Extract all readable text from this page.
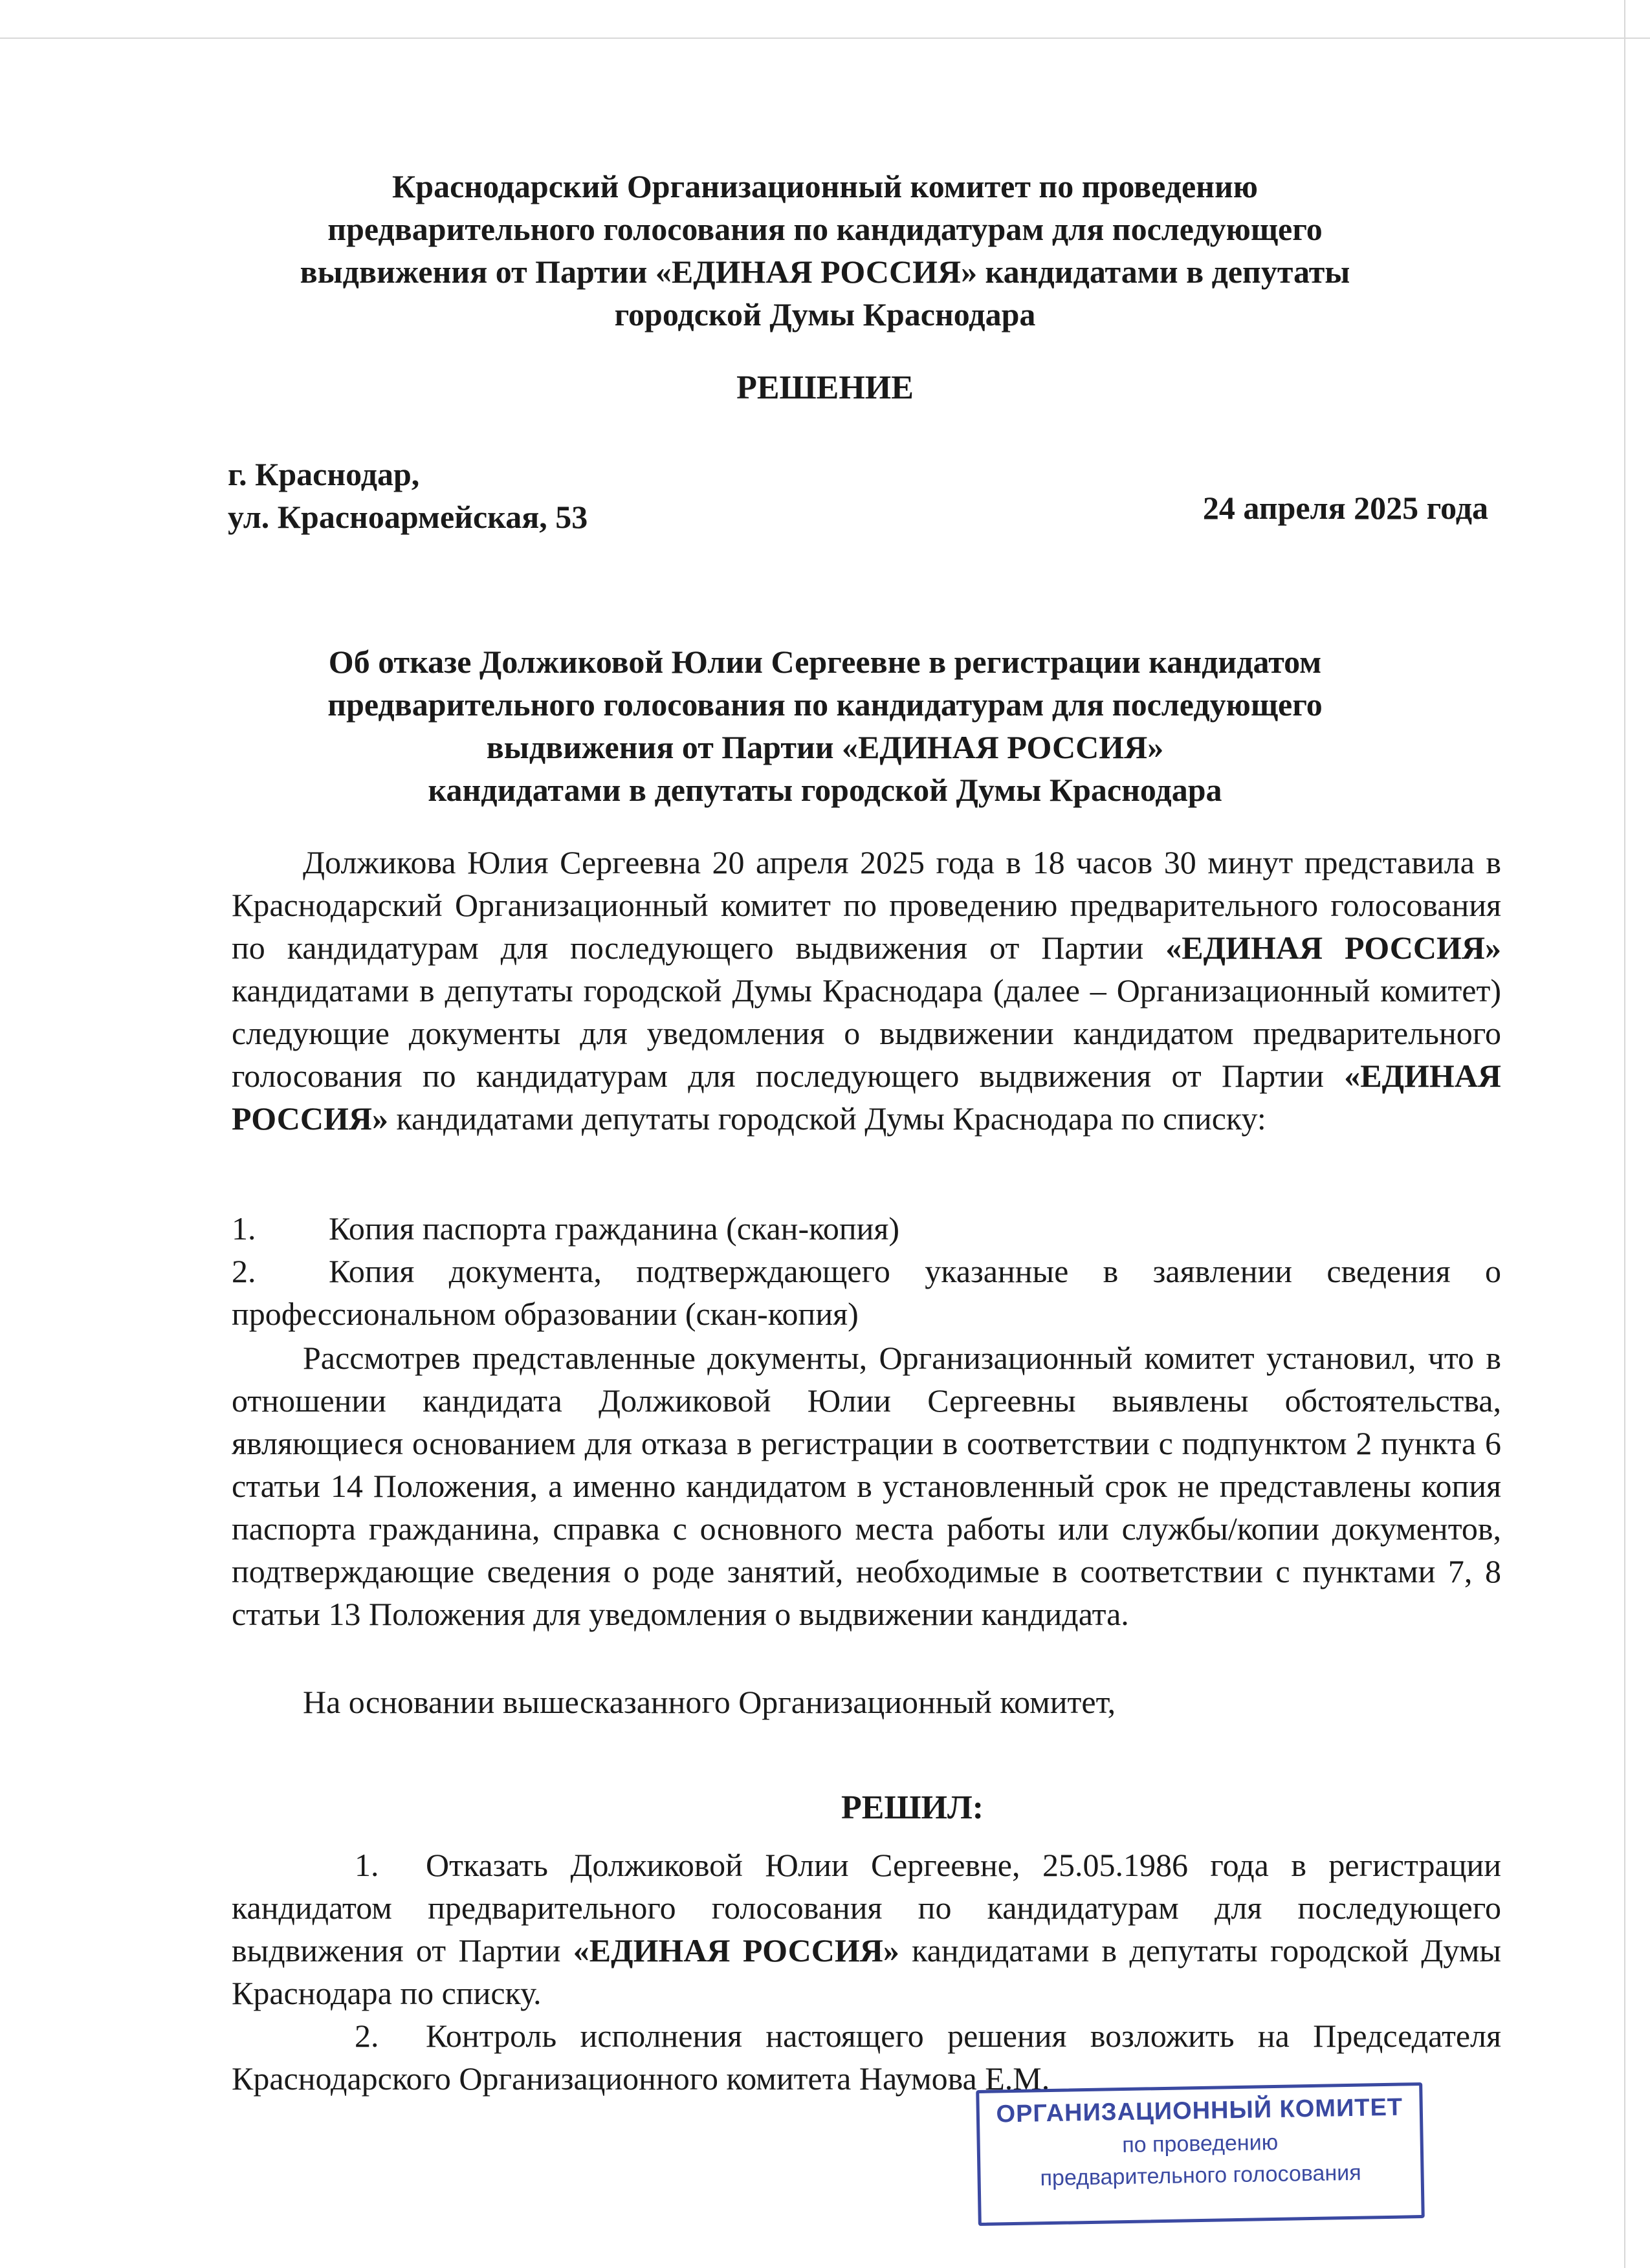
Краснодарский Организационный комитет по проведению
предварительного голосования по кандидатурам для последующего
выдвижения от Партии «ЕДИНАЯ РОССИЯ» кандидатами в депутаты
городской Думы Краснодара
РЕШЕНИЕ
г. Краснодар,
ул. Красноармейская, 53	24 апреля 2025 года
Об отказе Должиковой Юлии Сергеевне в регистрации кандидатом
предварительного голосования по кандидатурам для последующего
выдвижения от Партии «ЕДИНАЯ РОССИЯ»
кандидатами в депутаты городской Думы Краснодара
Должикова Юлия Сергеевна 20 апреля 2025 года в 18 часов 30 минут представила в Краснодарский Организационный комитет по проведению предварительного голосования по кандидатурам для последующего выдвижения от Партии «ЕДИНАЯ РОССИЯ» кандидатами в депутаты городской Думы Краснодара (далее – Организационный комитет) следующие документы для уведомления о выдвижении кандидатом предварительного голосования по кандидатурам для последующего выдвижения от Партии «ЕДИНАЯ РОССИЯ» кандидатами депутаты городской Думы Краснодара по списку:
1.	Копия паспорта гражданина (скан-копия)
2. Копия документа, подтверждающего указанные в заявлении сведения о профессиональном образовании (скан-копия)
Рассмотрев представленные документы, Организационный комитет установил, что в отношении кандидата Должиковой Юлии Сергеевны выявлены обстоятельства, являющиеся основанием для отказа в регистрации в соответствии с подпунктом 2 пункта 6 статьи 14 Положения, а именно кандидатом в установленный срок не представлены копия паспорта гражданина, справка с основного места работы или службы/копии документов, подтверждающие сведения о роде занятий, необходимые в соответствии с пунктами 7, 8 статьи 13 Положения для уведомления о выдвижении кандидата.
На основании вышесказанного Организационный комитет,
РЕШИЛ:
1. Отказать Должиковой Юлии Сергеевне, 25.05.1986 года в регистрации кандидатом предварительного голосования по кандидатурам для последующего выдвижения от Партии «ЕДИНАЯ РОССИЯ» кандидатами в депутаты городской Думы Краснодара по списку.
2. Контроль исполнения настоящего решения возложить на Председателя Краснодарского Организационного комитета Наумова Е.М.
ОРГАНИЗАЦИОННЫЙ КОМИТЕТ
по проведению
предварительного голосования
